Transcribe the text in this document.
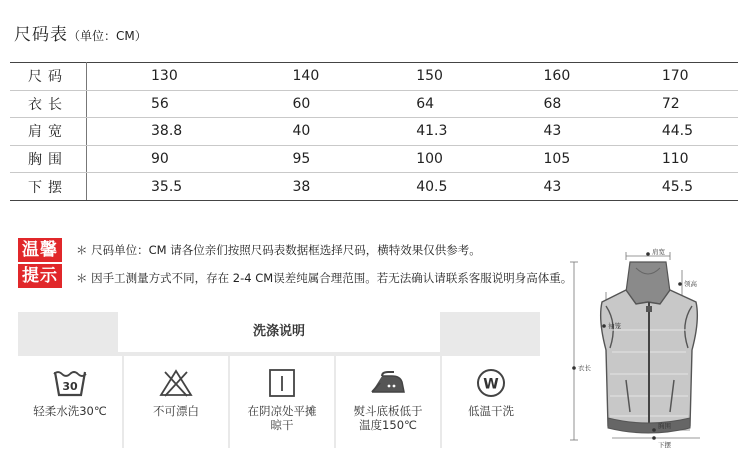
尺码表（单位：CM）
尺码	130	140	150	160	170
衣长	56	60	64	68	72
肩宽	38.8	40	41.3	43	44.5
胸围	90	95	100	105	110
下摆	35.5	38	40.5	43	45.5
温馨
提示
＊ 尺码单位：CM 请各位亲们按照尺码表数据框选择尺码，横特效果仅供参考。
＊ 因手工测量方式不同，存在 2-4 CM误差纯属合理范围。若无法确认请联系客服说明身高体重。
洗涤说明
30
轻柔水洗30℃	不可漂白	在阴凉处平摊
晾干
熨斗底板低于
温度150℃
W
低温干洗
肩宽
领高
袖笼
衣长
胸围
下摆
